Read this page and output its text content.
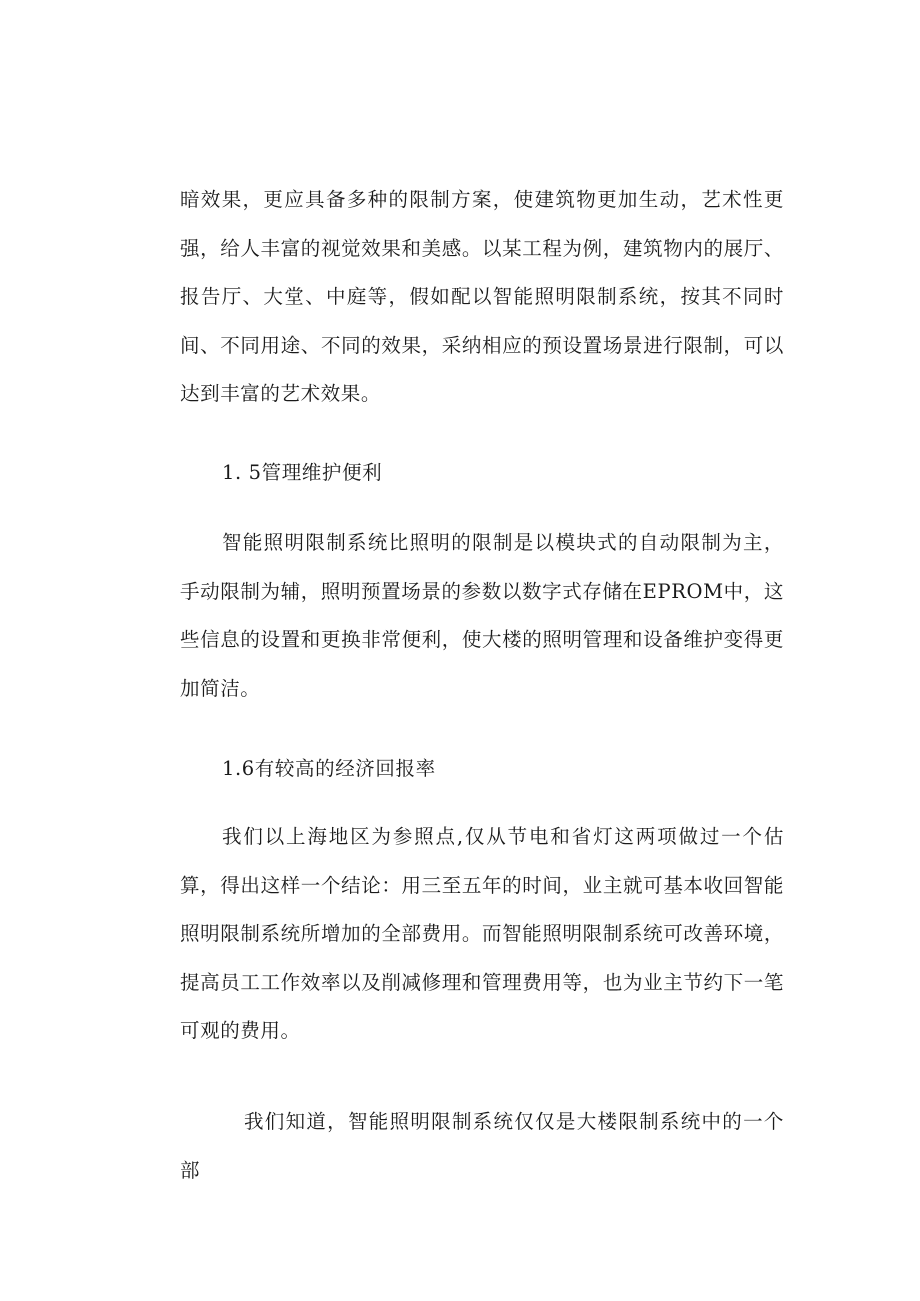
暗效果，更应具备多种的限制方案，使建筑物更加生动，艺术性更强，给人丰富的视觉效果和美感。以某工程为例，建筑物内的展厅、报告厅、大堂、中庭等，假如配以智能照明限制系统，按其不同时间、不同用途、不同的效果，采纳相应的预设置场景进行限制，可以达到丰富的艺术效果。

1. 5管理维护便利

智能照明限制系统比照明的限制是以模块式的自动限制为主，手动限制为辅，照明预置场景的参数以数字式存储在EPROM中，这些信息的设置和更换非常便利，使大楼的照明管理和设备维护变得更加简洁。

1.6有较高的经济回报率

我们以上海地区为参照点,仅从节电和省灯这两项做过一个估算，得出这样一个结论：用三至五年的时间，业主就可基本收回智能照明限制系统所增加的全部费用。而智能照明限制系统可改善环境，提高员工工作效率以及削减修理和管理费用等，也为业主节约下一笔可观的费用。

我们知道，智能照明限制系统仅仅是大楼限制系统中的一个部
